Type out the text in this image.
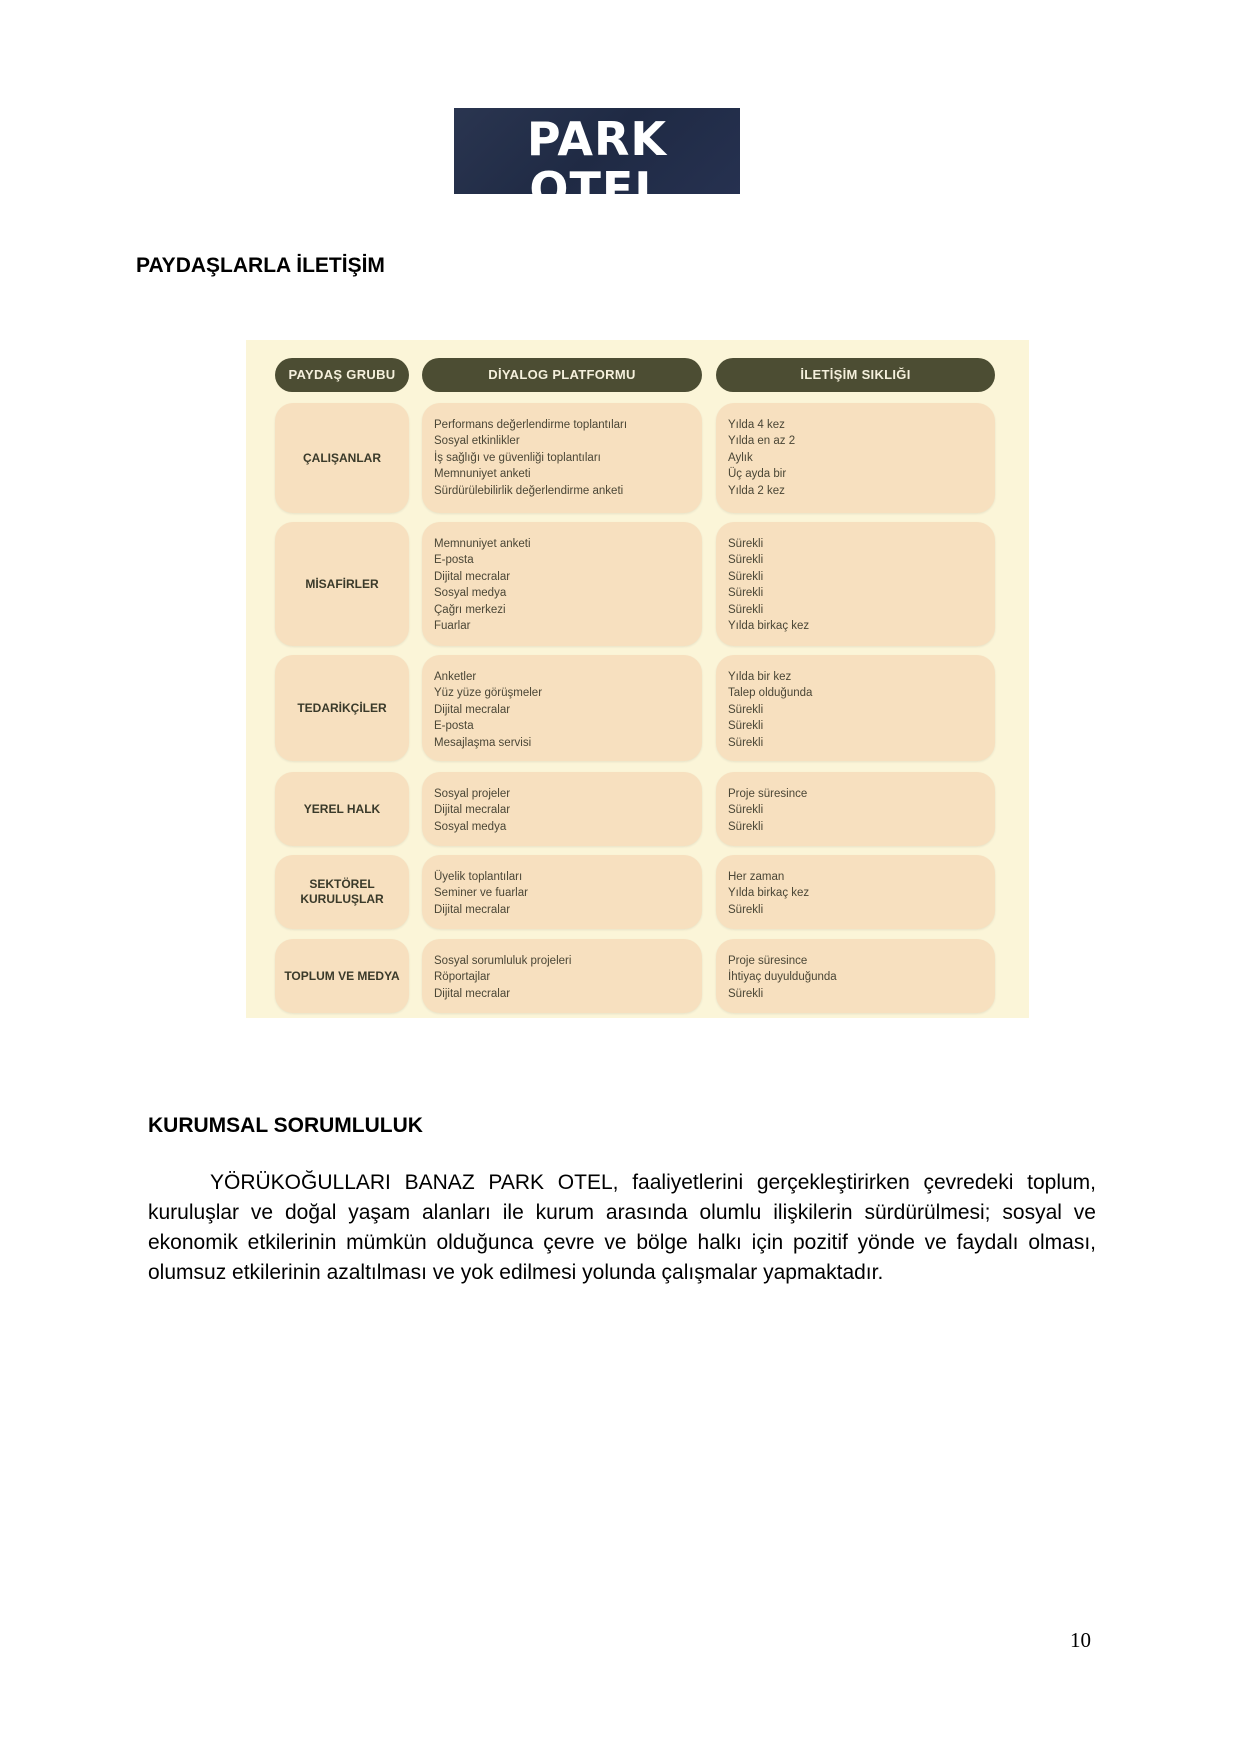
PARK OTEL
BANAZ
PAYDAŞLARLA İLETİŞİM
PAYDAŞ GRUBU	DİYALOG PLATFORMU	İLETİŞİM SIKLIĞI
ÇALIŞANLAR
Performans değerlendirme toplantıları
Sosyal etkinlikler
İş sağlığı ve güvenliği toplantıları
Memnuniyet anketi
Sürdürülebilirlik değerlendirme anketi
Yılda 4 kez
Yılda en az 2
Aylık
Üç ayda bir
Yılda 2 kez
MİSAFİRLER
Memnuniyet anketi
E-posta
Dijital mecralar
Sosyal medya
Çağrı merkezi
Fuarlar
Sürekli
Sürekli
Sürekli
Sürekli
Sürekli
Yılda birkaç kez
TEDARİKÇİLER
Anketler
Yüz yüze görüşmeler
Dijital mecralar
E-posta
Mesajlaşma servisi
Yılda bir kez
Talep olduğunda
Sürekli
Sürekli
Sürekli
YEREL HALK
Sosyal projeler
Dijital mecralar
Sosyal medya
Proje süresince
Sürekli
Sürekli
SEKTÖREL KURULUŞLAR
Üyelik toplantıları
Seminer ve fuarlar
Dijital mecralar
Her zaman
Yılda birkaç kez
Sürekli
TOPLUM VE MEDYA
Sosyal sorumluluk projeleri
Röportajlar
Dijital mecralar
Proje süresince
İhtiyaç duyulduğunda
Sürekli
KURUMSAL SORUMLULUK
YÖRÜKOĞULLARI BANAZ PARK OTEL, faaliyetlerini gerçekleştirirken çevredeki toplum, kuruluşlar ve doğal yaşam alanları ile kurum arasında olumlu ilişkilerin sürdürülmesi; sosyal ve ekonomik etkilerinin mümkün olduğunca çevre ve bölge halkı için pozitif yönde ve faydalı olması, olumsuz etkilerinin azaltılması ve yok edilmesi yolunda çalışmalar yapmaktadır.
10
